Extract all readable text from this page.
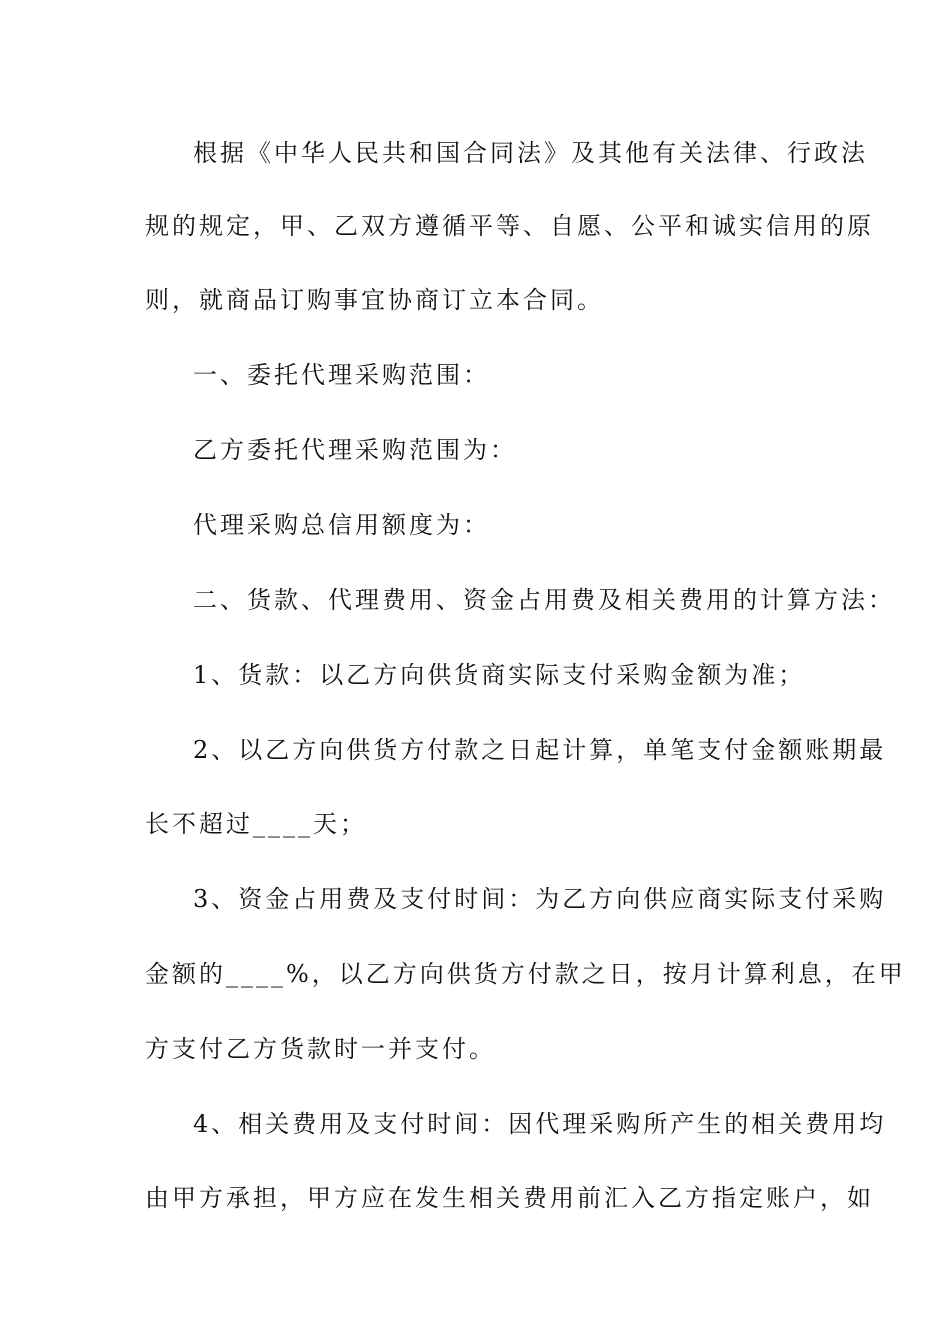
根据《中华人民共和国合同法》及其他有关法律、行政法
规的规定，甲、乙双方遵循平等、自愿、公平和诚实信用的原
则，就商品订购事宜协商订立本合同。
一、委托代理采购范围：
乙方委托代理采购范围为：
代理采购总信用额度为：
二、货款、代理费用、资金占用费及相关费用的计算方法：
1、货款：以乙方向供货商实际支付采购金额为准；
2、以乙方向供货方付款之日起计算，单笔支付金额账期最
长不超过____天；
3、资金占用费及支付时间：为乙方向供应商实际支付采购
金额的____%，以乙方向供货方付款之日，按月计算利息，在甲
方支付乙方货款时一并支付。
4、相关费用及支付时间：因代理采购所产生的相关费用均
由甲方承担，甲方应在发生相关费用前汇入乙方指定账户，如
